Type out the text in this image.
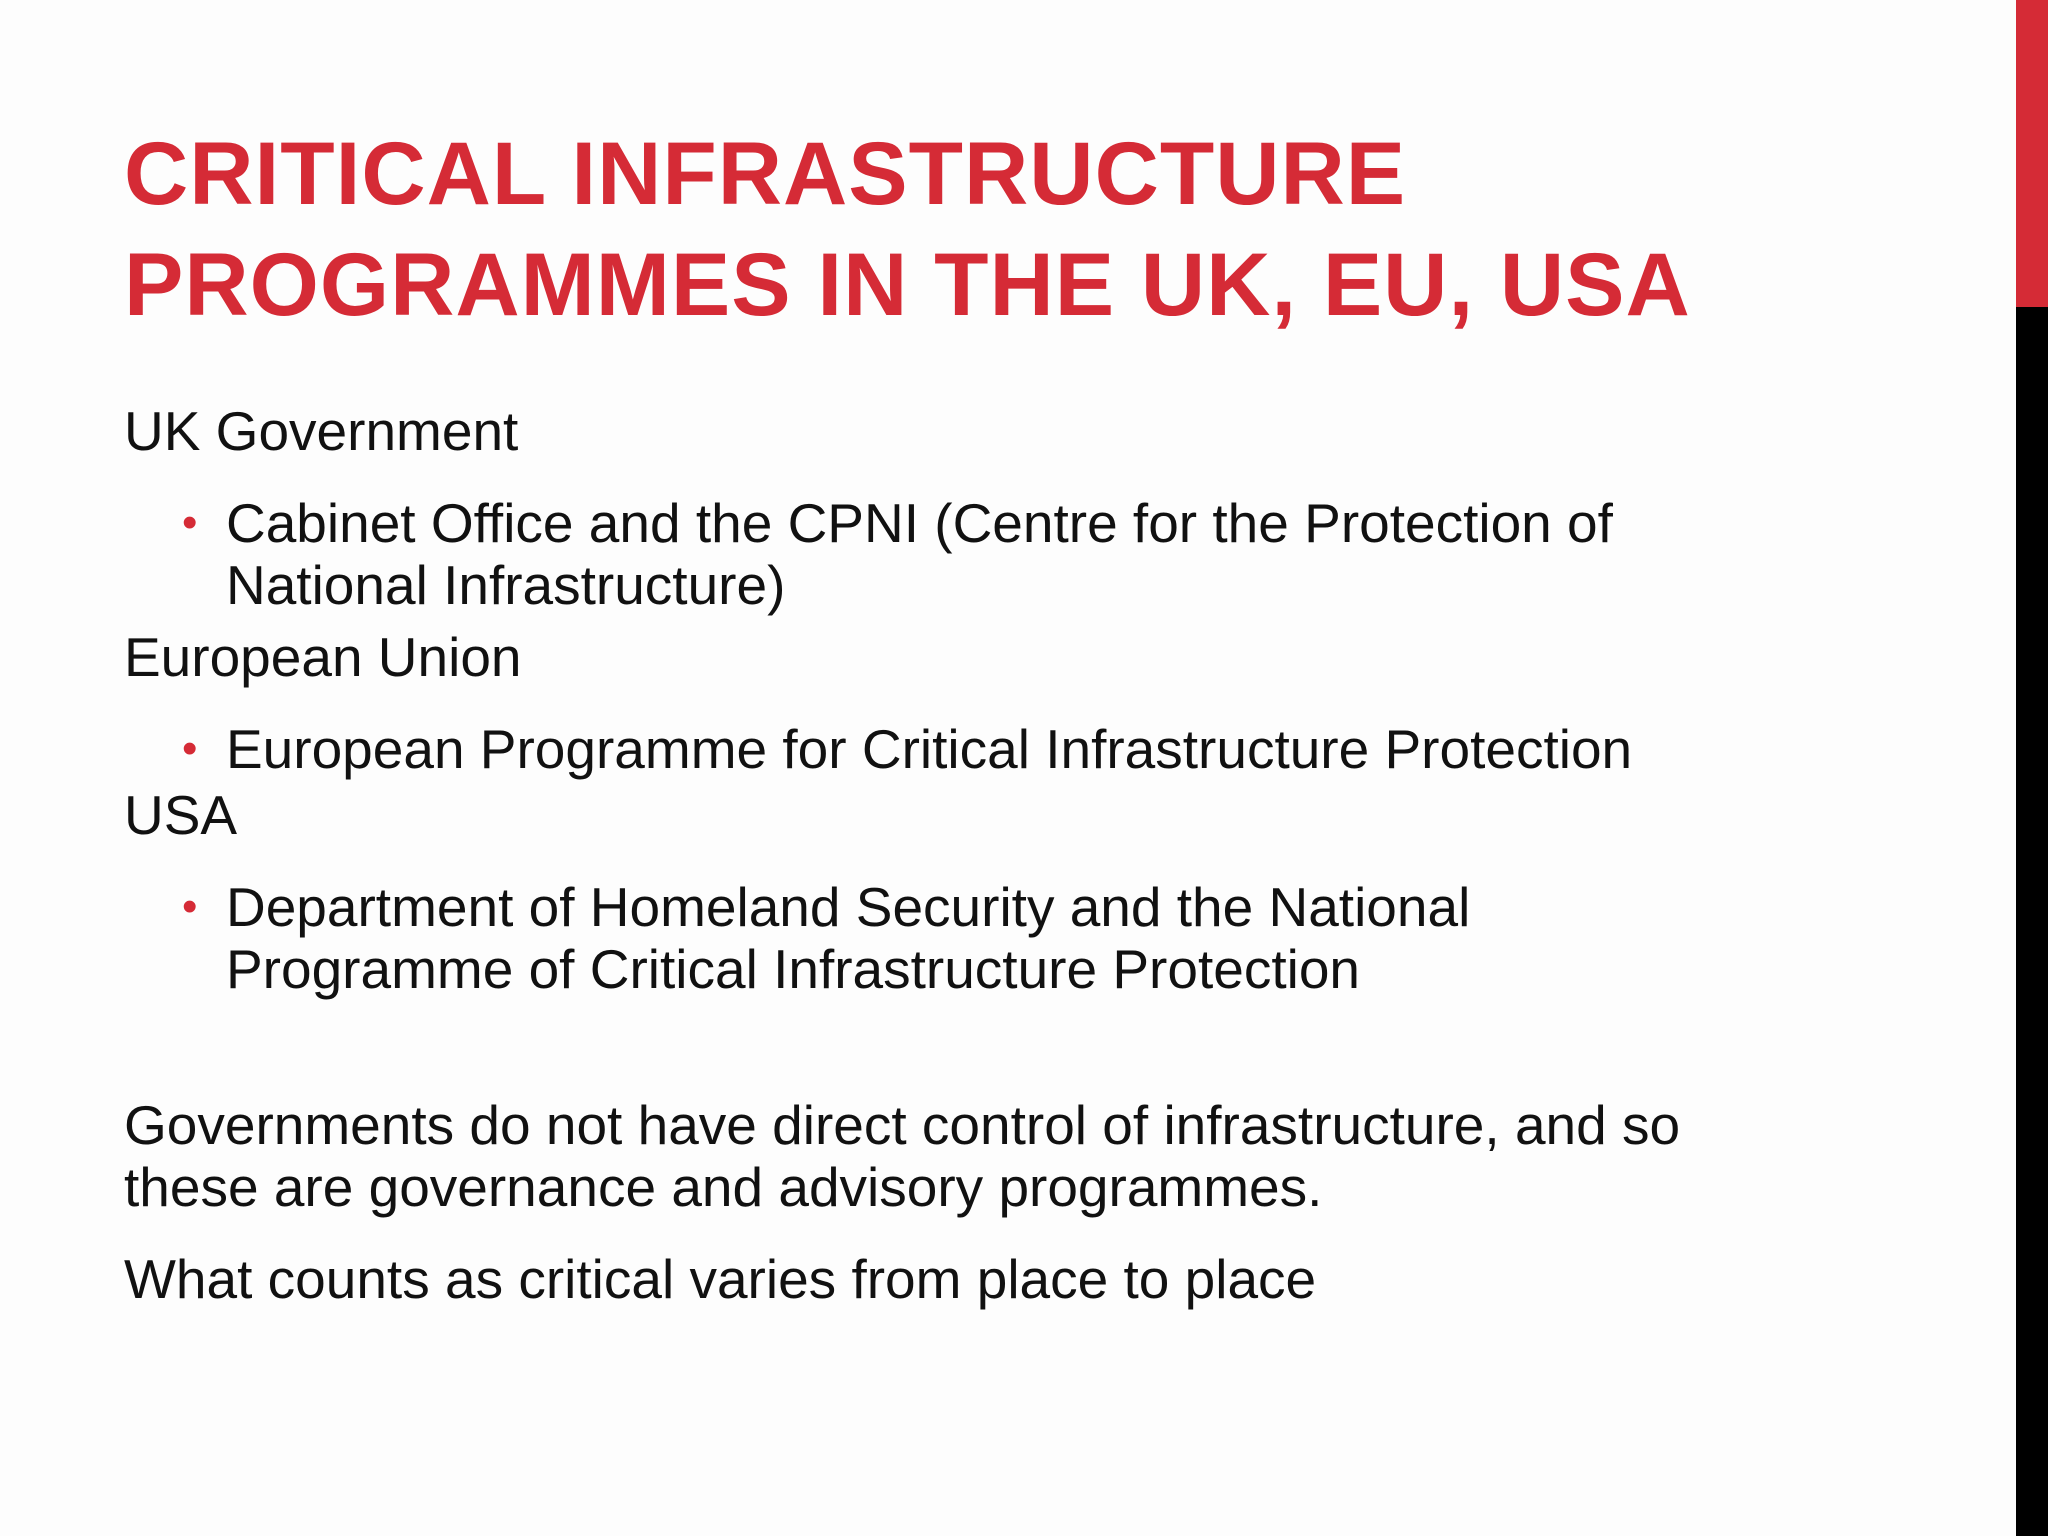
CRITICAL INFRASTRUCTURE
PROGRAMMES IN THE UK, EU, USA

UK Government

• Cabinet Office and the CPNI (Centre for the Protection of
National Infrastructure)

European Union

• European Programme for Critical Infrastructure Protection

USA

• Department of Homeland Security and the National
Programme of Critical Infrastructure Protection

Governments do not have direct control of infrastructure, and so
these are governance and advisory programmes.

What counts as critical varies from place to place
